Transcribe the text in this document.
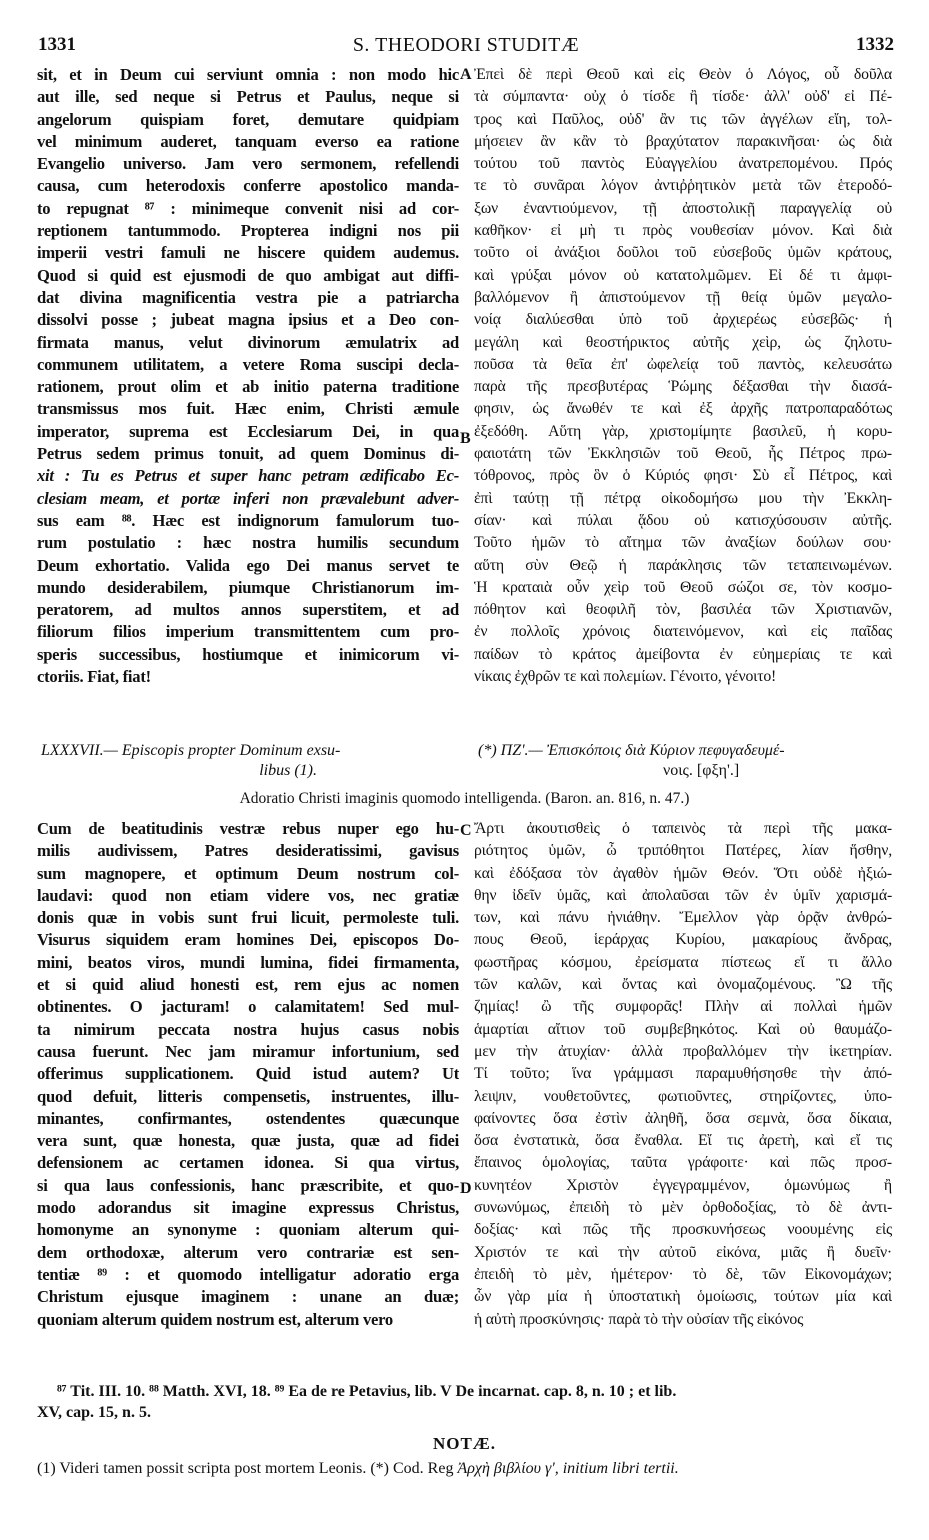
1331	S. THEODORI STUDITÆ	1332
sit, et in Deum cui serviunt omnia : non modo hic
aut ille, sed neque si Petrus et Paulus, neque si
angelorum quispiam foret, demutare quidpiam
vel minimum auderet, tanquam everso ea ratione
Evangelio universo. Jam vero sermonem, refellendi
causa, cum heterodoxis conferre apostolico manda-
to repugnat ⁸⁷ : minimeque convenit nisi ad cor-
reptionem tantummodo. Propterea indigni nos pii
imperii vestri famuli ne hiscere quidem audemus.
Quod si quid est ejusmodi de quo ambigat aut diffi-
dat divina magnificentia vestra pie a patriarcha
dissolvi posse ; jubeat magna ipsius et a Deo con-
firmata manus, velut divinorum æmulatrix ad
communem utilitatem, a vetere Roma suscipi decla-
rationem, prout olim et ab initio paterna traditione
transmissus mos fuit. Hæc enim, Christi æmule
imperator, suprema est Ecclesiarum Dei, in qua
Petrus sedem primus tonuit, ad quem Dominus di-
xit : Tu es Petrus et super hanc petram ædificabo Ec-
clesiam meam, et portæ inferi non prævalebunt adver-
sus eam ⁸⁸. Hæc est indignorum famulorum tuo-
rum postulatio : hæc nostra humilis secundum
Deum exhortatio. Valida ego Dei manus servet te
mundo desiderabilem, piumque Christianorum im-
peratorem, ad multos annos superstitem, et ad
filiorum filios imperium transmittentem cum pro-
speris successibus, hostiumque et inimicorum vi-
ctoriis. Fiat, fiat!
Ἐπεὶ δὲ περὶ Θεοῦ καὶ εἰς Θεὸν ὁ Λόγος, οὗ δοῦλα
τὰ σύμπαντα· οὐχ ὁ τίσδε ἢ τίσδε· ἀλλ' οὐδ' εἰ Πέ-
τρος καὶ Παῦλος, οὐδ' ἂν τις τῶν ἀγγέλων εἴη, τολ-
μήσειεν ἂν κἂν τὸ βραχύτατον παρακινῆσαι· ὡς διὰ
τούτου τοῦ παντὸς Εὐαγγελίου ἀνατρεπομένου. Πρός
τε τὸ συνᾶραι λόγον ἀντιῤῥητικὸν μετὰ τῶν ἑτεροδό-
ξων ἐναντιούμενον, τῇ ἀποστολικῇ παραγγελίᾳ οὐ
καθῆκον· εἰ μὴ τι πρὸς νουθεσίαν μόνον. Καὶ διὰ
τοῦτο οἱ ἀνάξιοι δοῦλοι τοῦ εὐσεβοῦς ὑμῶν κράτους,
καὶ γρύξαι μόνον οὐ κατατολμῶμεν. Εἰ δέ τι ἀμφι-
βαλλόμενον ἢ ἀπιστούμενον τῇ θείᾳ ὑμῶν μεγαλο-
νοίᾳ διαλύεσθαι ὑπὸ τοῦ ἀρχιερέως εὐσεβῶς· ἡ
μεγάλη καὶ θεοστήρικτος αὐτῆς χεὶρ, ὡς ζηλοτυ-
ποῦσα τὰ θεῖα ἐπ' ὠφελείᾳ τοῦ παντὸς, κελευσάτω
παρὰ τῆς πρεσβυτέρας Ῥώμης δέξασθαι τὴν διασά-
φησιν, ὡς ἄνωθέν τε καὶ ἐξ ἀρχῆς πατροπαραδότως
ἐξεδόθη. Αὕτη γὰρ, χριστομίμητε βασιλεῦ, ἡ κορυ-
φαιοτάτη τῶν Ἐκκλησιῶν τοῦ Θεοῦ, ἧς Πέτρος πρω-
τόθρονος, πρὸς ὃν ὁ Κύριός φησι· Σὺ εἶ Πέτρος, καὶ
ἐπὶ ταύτῃ τῇ πέτρᾳ οἰκοδομήσω μου τὴν Ἐκκλη-
σίαν· καὶ πύλαι ᾅδου οὐ κατισχύσουσιν αὐτῆς.
Τοῦτο ἡμῶν τὸ αἴτημα τῶν ἀναξίων δούλων σου·
αὕτη σὺν Θεῷ ἡ παράκλησις τῶν τεταπεινωμένων.
Ἡ κραταιὰ οὖν χεὶρ τοῦ Θεοῦ σώζοι σε, τὸν κοσμο-
πόθητον καὶ θεοφιλῆ τὸν, βασιλέα τῶν Χριστιανῶν,
ἐν πολλοῖς χρόνοις διατεινόμενον, καὶ εἰς παῖδας
παίδων τὸ κράτος ἀμείβοντα ἐν εὐημερίαις τε καὶ
νίκαις ἐχθρῶν τε καὶ πολεμίων. Γένοιτο, γένοιτο!
A
B
LXXXVII.— Episcopis propter Dominum exsu-
libus (1).
(*) ΠΖ'.— Ἐπισκόποις διὰ Κύριον πεφυγαδευμέ-
νοις. [φξη'.]
Adoratio Christi imaginis quomodo intelligenda. (Baron. an. 816, n. 47.)
Cum de beatitudinis vestræ rebus nuper ego hu-
milis audivissem, Patres desideratissimi, gavisus
sum magnopere, et optimum Deum nostrum col-
laudavi: quod non etiam videre vos, nec gratiæ
donis quæ in vobis sunt frui licuit, permoleste tuli.
Visurus siquidem eram homines Dei, episcopos Do-
mini, beatos viros, mundi lumina, fidei firmamenta,
et si quid aliud honesti est, rem ejus ac nomen
obtinentes. O jacturam! o calamitatem! Sed mul-
ta nimirum peccata nostra hujus casus nobis
causa fuerunt. Nec jam miramur infortunium, sed
offerimus supplicationem. Quid istud autem? Ut
quod defuit, litteris compensetis, instruentes, illu-
minantes, confirmantes, ostendentes quæcunque
vera sunt, quæ honesta, quæ justa, quæ ad fidei
defensionem ac certamen idonea. Si qua virtus,
si qua laus confessionis, hanc præscribite, et quo-
modo adorandus sit imagine expressus Christus,
homonyme an synonyme : quoniam alterum qui-
dem orthodoxæ, alterum vero contrariæ est sen-
tentiæ ⁸⁹ : et quomodo intelligatur adoratio erga
Christum ejusque imaginem : unane an duæ;
quoniam alterum quidem nostrum est, alterum vero
Ἄρτι ἀκουτισθεὶς ὁ ταπεινὸς τὰ περὶ τῆς μακα-
ριότητος ὑμῶν, ὦ τριπόθητοι Πατέρες, λίαν ἥσθην,
καὶ ἐδόξασα τὸν ἀγαθὸν ἡμῶν Θεόν. Ὅτι οὐδὲ ἠξιώ-
θην ἰδεῖν ὑμᾶς, καὶ ἀπολαῦσαι τῶν ἐν ὑμῖν χαρισμά-
των, καὶ πάνυ ἠνιάθην. Ἔμελλον γὰρ ὁρᾷν ἀνθρώ-
πους Θεοῦ, ἱεράρχας Κυρίου, μακαρίους ἄνδρας,
φωστῆρας κόσμου, ἐρείσματα πίστεως εἴ τι ἄλλο
τῶν καλῶν, καὶ ὄντας καὶ ὀνομαζομένους. Ὢ τῆς
ζημίας! ὢ τῆς συμφορᾶς! Πλὴν αἱ πολλαὶ ἡμῶν
ἁμαρτίαι αἴτιον τοῦ συμβεβηκότος. Καὶ οὐ θαυμάζο-
μεν τὴν ἀτυχίαν· ἀλλὰ προβαλλόμεν τὴν ἱκετηρίαν.
Τί τοῦτο; ἵνα γράμμασι παραμυθήσησθε τὴν ἀπό-
λειψιν, νουθετοῦντες, φωτιοῦντες, στηρίζοντες, ὑπο-
φαίνοντες ὅσα ἐστὶν ἀληθῆ, ὅσα σεμνὰ, ὅσα δίκαια,
ὅσα ἐνστατικὰ, ὅσα ἔναθλα. Εἴ τις ἀρετὴ, καὶ εἴ τις
ἔπαινος ὁμολογίας, ταῦτα γράφοιτε· καὶ πῶς προσ-
κυνητέον Χριστὸν ἐγγεγραμμένον, ὁμωνύμως ἢ
συνωνύμως, ἐπειδὴ τὸ μὲν ὀρθοδοξίας, τὸ δὲ ἀντι-
δοξίας· καὶ πῶς τῆς προσκυνήσεως νοουμένης εἰς
Χριστόν τε καὶ τὴν αὐτοῦ εἰκόνα, μιᾶς ἢ δυεῖν·
ἐπειδὴ τὸ μὲν, ἡμέτερον· τὸ δὲ, τῶν Εἰκονομάχων;
ὧν γὰρ μία ἡ ὑποστατικὴ ὁμοίωσις, τούτων μία καὶ
ἡ αὐτὴ προσκύνησις· παρὰ τὸ τὴν οὐσίαν τῆς εἰκόνος
C
D
⁸⁷ Tit. III. 10. ⁸⁸ Matth. XVI, 18. ⁸⁹ Ea de re Petavius, lib. V De incarnat. cap. 8, n. 10 ; et lib.
XV, cap. 15, n. 5.
NOTÆ.
(1) Videri tamen possit scripta post mortem Leonis. (*) Cod. Reg Ἀρχὴ βιβλίου γ', initium libri tertii.
